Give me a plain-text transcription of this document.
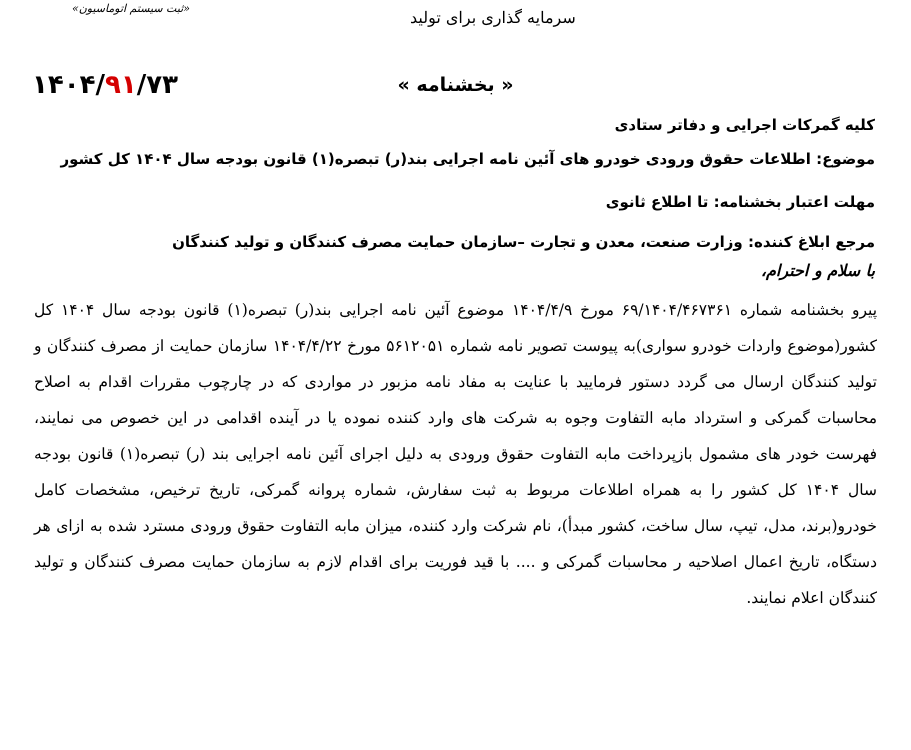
«ثبت سیستم اتوماسیون»	سرمایه گذاری برای تولید
۱۴۰۴/۹۱/۷۳	« بخشنامه »
کلیه گمرکات اجرایی و دفاتر ستادی
موضوع: اطلاعات حقوق ورودی خودرو های آئین نامه اجرایی بند(ر) تبصره(۱) قانون بودجه سال ۱۴۰۴ کل کشور
مهلت اعتبار بخشنامه: تا اطلاع ثانوی
مرجع ابلاغ کننده: وزارت صنعت، معدن و تجارت –سازمان حمایت مصرف کنندگان و تولید کنندگان
با سلام و احترام،
پیرو بخشنامه شماره ۶۹/۱۴۰۴/۴۶۷۳۶۱ مورخ ۱۴۰۴/۴/۹ موضوع آئین نامه اجرایی بند(ر) تبصره(۱) قانون بودجه سال ۱۴۰۴ کل کشور(موضوع واردات خودرو سواری)به پیوست تصویر نامه شماره ۵۶۱۲۰۵۱ مورخ ۱۴۰۴/۴/۲۲ سازمان حمایت از مصرف کنندگان و تولید کنندگان ارسال می گردد دستور فرمایید با عنایت به مفاد نامه مزبور در مواردی که در چارچوب مقررات اقدام به اصلاح محاسبات گمرکی و استرداد مابه التفاوت وجوه به شرکت های وارد کننده نموده یا در آینده اقدامی در این خصوص می نمایند، فهرست خودر های مشمول بازپرداخت مابه التفاوت حقوق ورودی به دلیل اجرای آئین نامه اجرایی بند (ر) تبصره(۱) قانون بودجه سال ۱۴۰۴ کل کشور را به همراه اطلاعات مربوط به ثبت سفارش، شماره پروانه گمرکی، تاریخ ترخیص، مشخصات کامل خودرو(برند، مدل، تیپ، سال ساخت، کشور مبدأ)، نام شرکت وارد کننده، میزان مابه التفاوت حقوق ورودی مسترد شده به ازای هر دستگاه، تاریخ اعمال اصلاحیه ر محاسبات گمرکی و .... با قید فوریت برای اقدام لازم به سازمان حمایت مصرف کنندگان و تولید کنندگان اعلام نمایند.
